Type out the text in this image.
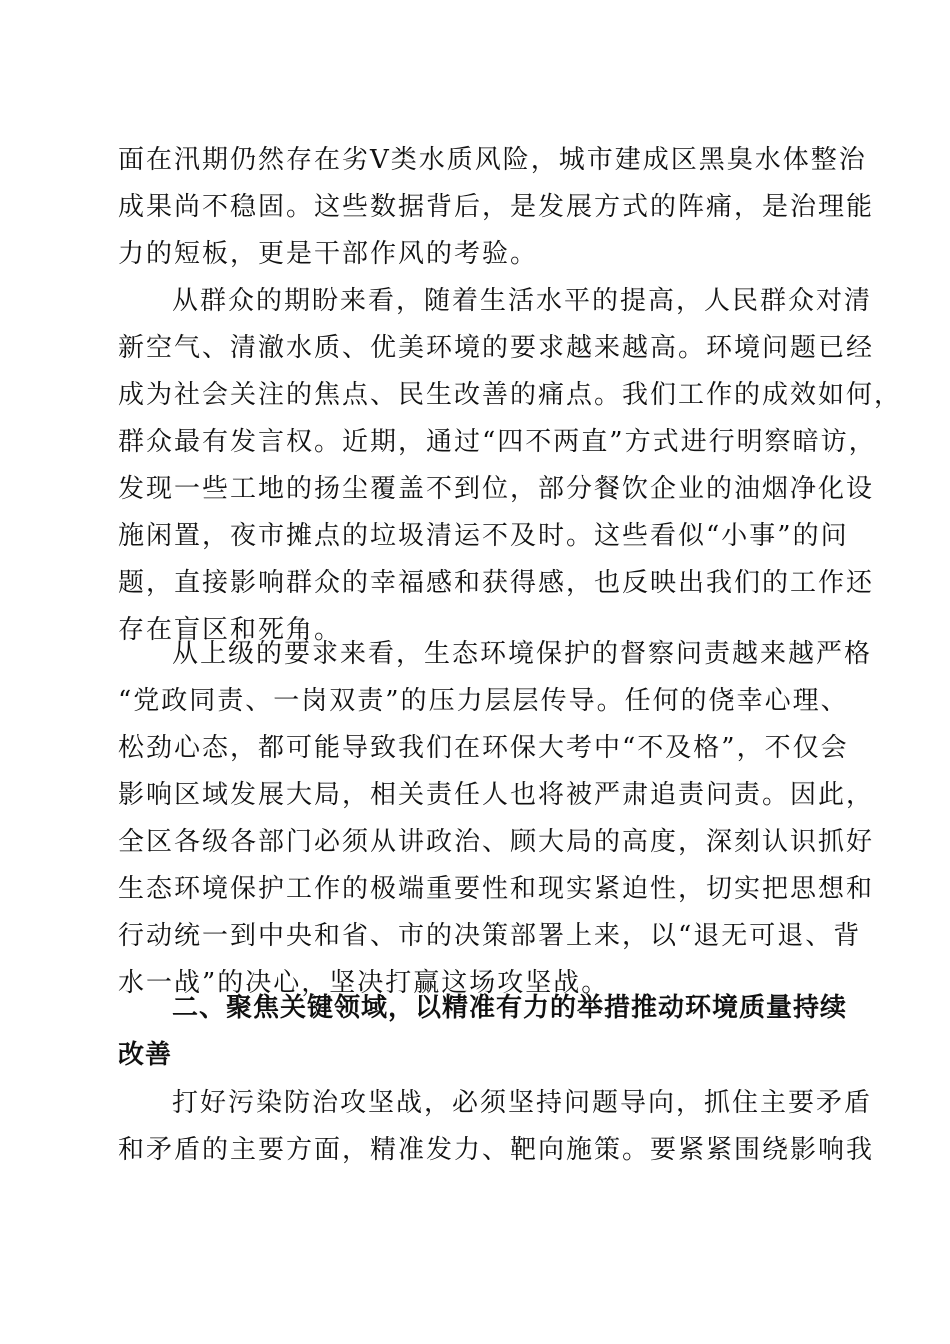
面在汛期仍然存在劣Ⅴ类水质风险，城市建成区黑臭水体整治
成果尚不稳固。这些数据背后，是发展方式的阵痛，是治理能
力的短板，更是干部作风的考验。
从群众的期盼来看，随着生活水平的提高，人民群众对清
新空气、清澈水质、优美环境的要求越来越高。环境问题已经
成为社会关注的焦点、民生改善的痛点。我们工作的成效如何，
群众最有发言权。近期，通过“四不两直”方式进行明察暗访，
发现一些工地的扬尘覆盖不到位，部分餐饮企业的油烟净化设
施闲置，夜市摊点的垃圾清运不及时。这些看似“小事”的问
题，直接影响群众的幸福感和获得感，也反映出我们的工作还
存在盲区和死角。
从上级的要求来看，生态环境保护的督察问责越来越严格
“党政同责、一岗双责”的压力层层传导。任何的侥幸心理、
松劲心态，都可能导致我们在环保大考中“不及格”，不仅会
影响区域发展大局，相关责任人也将被严肃追责问责。因此，
全区各级各部门必须从讲政治、顾大局的高度，深刻认识抓好
生态环境保护工作的极端重要性和现实紧迫性，切实把思想和
行动统一到中央和省、市的决策部署上来，以“退无可退、背
水一战”的决心，坚决打赢这场攻坚战。
二、聚焦关键领域，以精准有力的举措推动环境质量持续
改善
打好污染防治攻坚战，必须坚持问题导向，抓住主要矛盾
和矛盾的主要方面，精准发力、靶向施策。要紧紧围绕影响我
